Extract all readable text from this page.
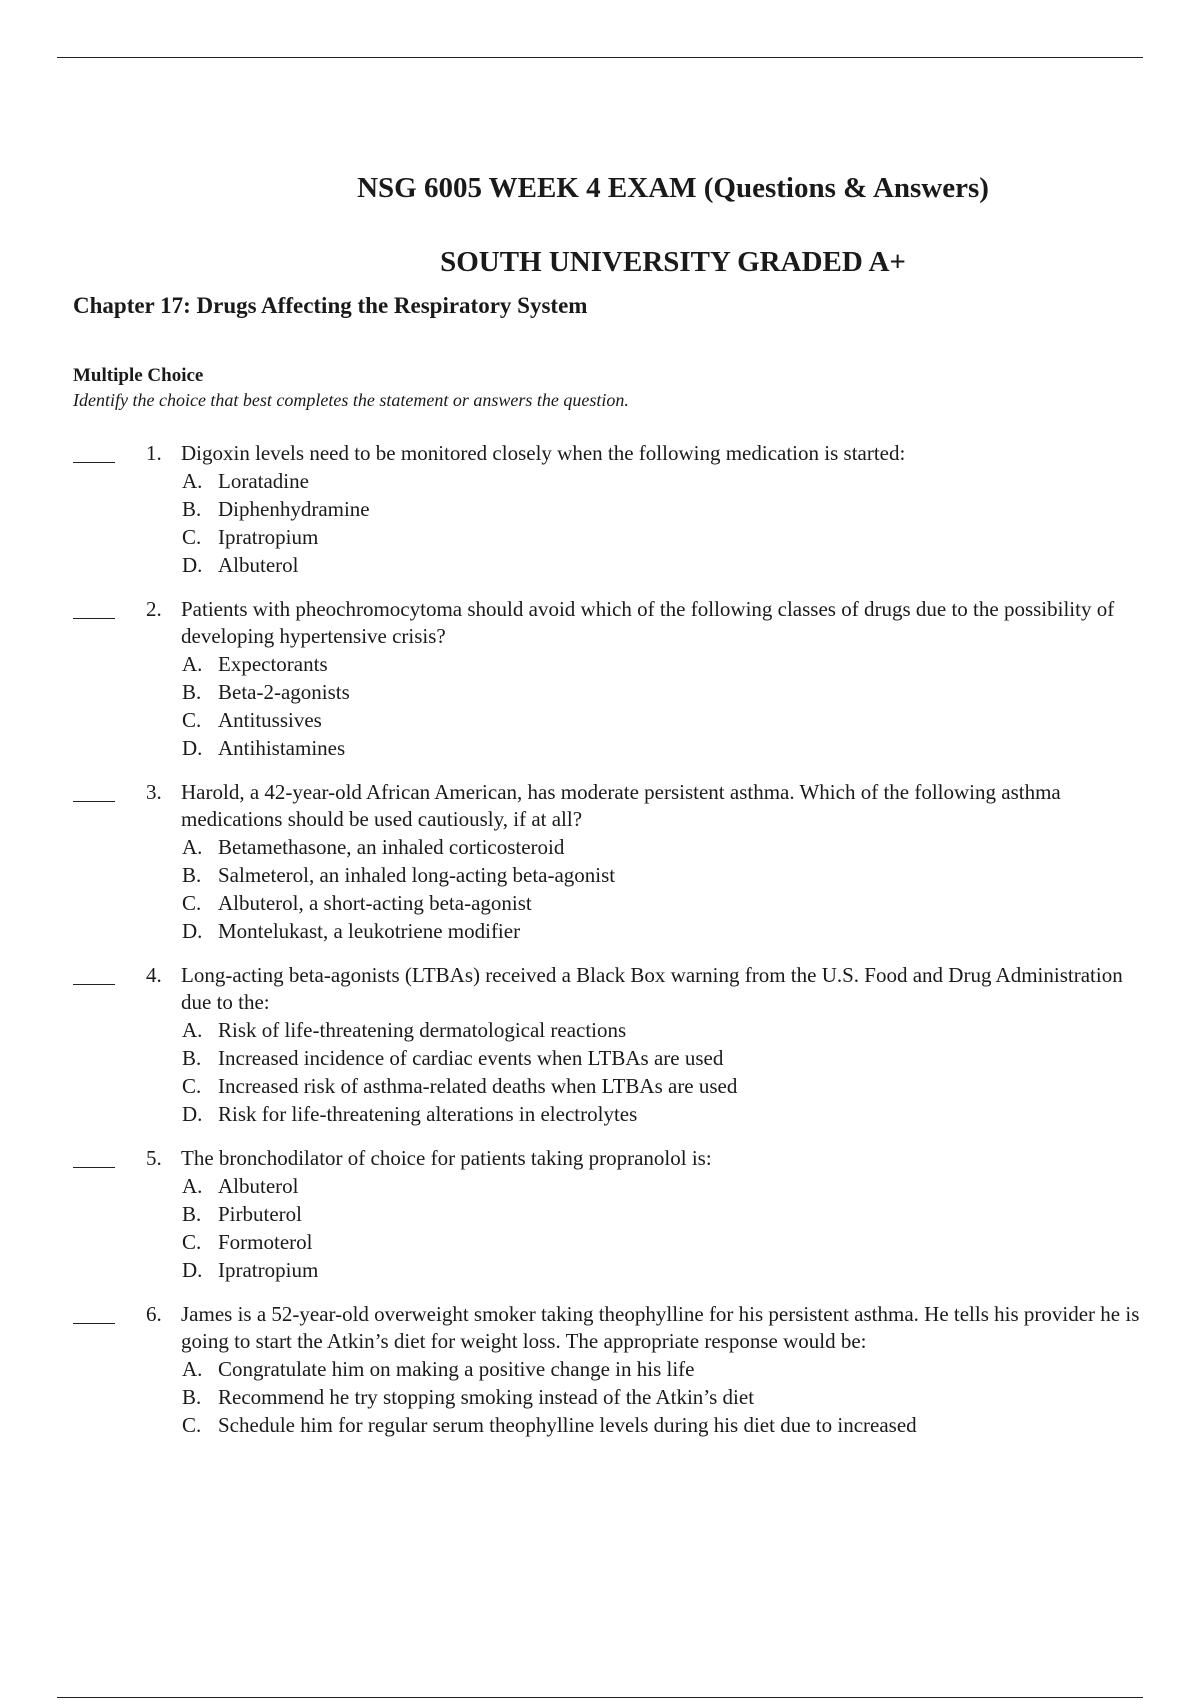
NSG 6005 WEEK 4 EXAM (Questions & Answers)
SOUTH UNIVERSITY GRADED A+
Chapter 17: Drugs Affecting the Respiratory System
Multiple Choice
Identify the choice that best completes the statement or answers the question.
1. Digoxin levels need to be monitored closely when the following medication is started:
A. Loratadine
B. Diphenhydramine
C. Ipratropium
D. Albuterol
2. Patients with pheochromocytoma should avoid which of the following classes of drugs due to the possibility of developing hypertensive crisis?
A. Expectorants
B. Beta-2-agonists
C. Antitussives
D. Antihistamines
3. Harold, a 42-year-old African American, has moderate persistent asthma. Which of the following asthma medications should be used cautiously, if at all?
A. Betamethasone, an inhaled corticosteroid
B. Salmeterol, an inhaled long-acting beta-agonist
C. Albuterol, a short-acting beta-agonist
D. Montelukast, a leukotriene modifier
4. Long-acting beta-agonists (LTBAs) received a Black Box warning from the U.S. Food and Drug Administration due to the:
A. Risk of life-threatening dermatological reactions
B. Increased incidence of cardiac events when LTBAs are used
C. Increased risk of asthma-related deaths when LTBAs are used
D. Risk for life-threatening alterations in electrolytes
5. The bronchodilator of choice for patients taking propranolol is:
A. Albuterol
B. Pirbuterol
C. Formoterol
D. Ipratropium
6. James is a 52-year-old overweight smoker taking theophylline for his persistent asthma. He tells his provider he is going to start the Atkin’s diet for weight loss. The appropriate response would be:
A. Congratulate him on making a positive change in his life
B. Recommend he try stopping smoking instead of the Atkin’s diet
C. Schedule him for regular serum theophylline levels during his diet due to increased
